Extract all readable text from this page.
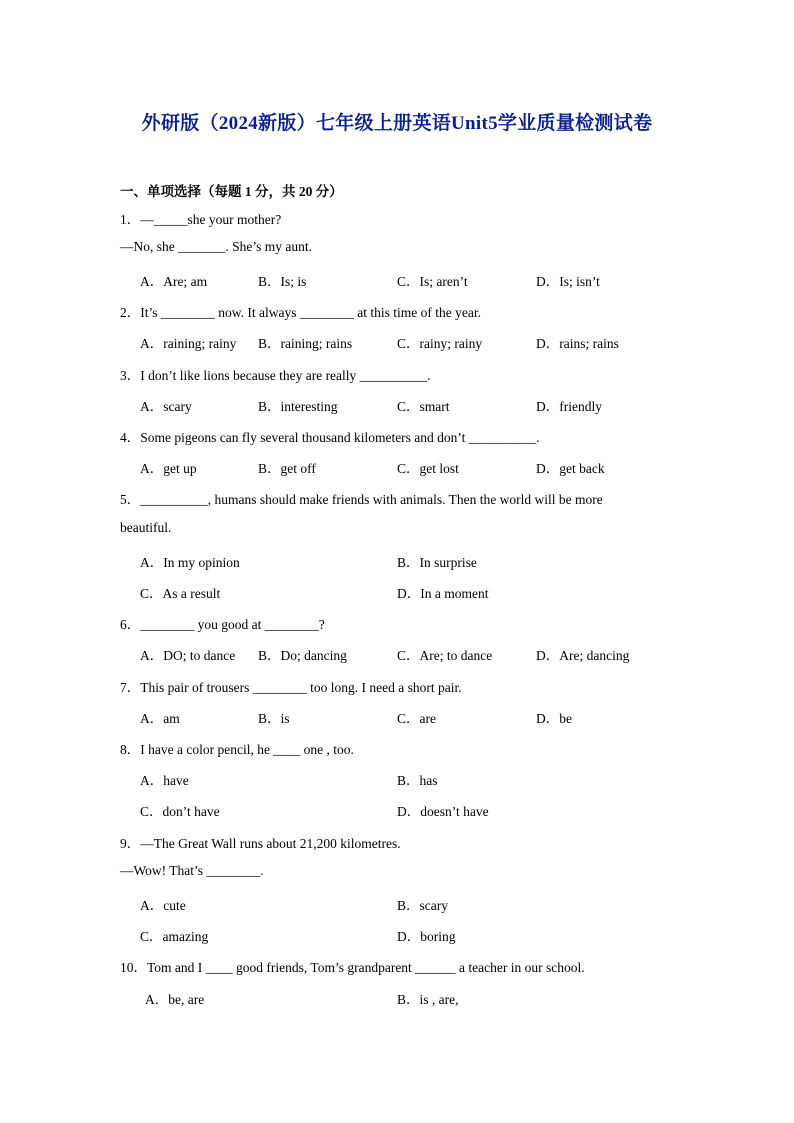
外研版（2024新版）七年级上册英语Unit5学业质量检测试卷
一、单项选择（每题 1 分，共 20 分）
1．—_____she your mother?
—No, she _______. She’s my aunt.
A．Are; am	B．Is; is	C．Is; aren’t	D．Is; isn’t
2．It’s ________ now. It always ________ at this time of the year.
A．raining; rainy B．raining; rains	C．rainy; rainy	D．rains; rains
3．I don’t like lions because they are really __________.
A．scary	B．interesting	C．smart	D．friendly
4．Some pigeons can fly several thousand kilometers and don’t __________.
A．get up	B．get off	C．get lost	D．get back
5．__________, humans should make friends with animals. Then the world will be more
beautiful.
A．In my opinion	B．In surprise
C．As a result	D．In a moment
6．________ you good at ________?
A．DO; to dance B．Do; dancing	C．Are; to dance	D．Are; dancing
7．This pair of trousers ________ too long. I need a short pair.
A．am	B．is	C．are	D．be
8．I have a color pencil, he ____ one , too.
A．have	B．has
C．don’t have	D．doesn’t have
9．—The Great Wall runs about 21,200 kilometres.
—Wow! That’s ________.
A．cute	B．scary
C．amazing	D．boring
10．Tom and I ____ good friends, Tom’s grandparent ______ a teacher in our school.
A．be, are	B．is , are,
